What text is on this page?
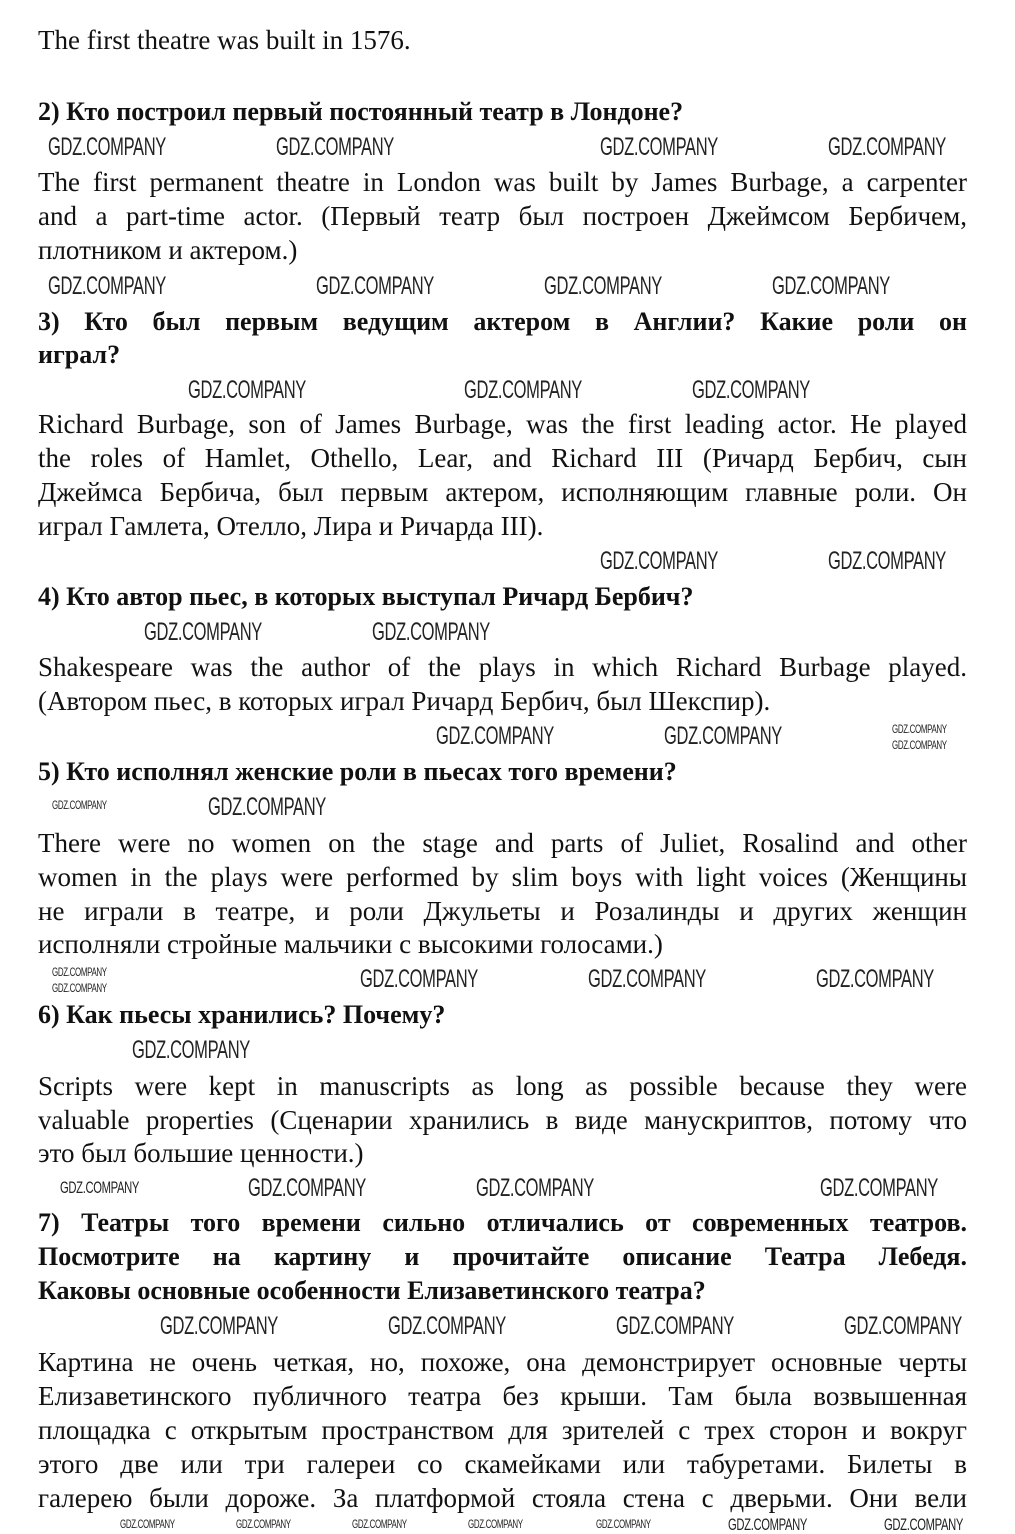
The first theatre was built in 1576.
2) Кто построил первый постоянный театр в Лондоне?
The first permanent theatre in London was built by James Burbage, a carpenter
and a part-time actor. (Первый театр был построен Джеймсом Бербичем,
плотником и актером.)
3) Кто был первым ведущим актером в Англии? Какие роли он
играл?
Richard Burbage, son of James Burbage, was the first leading actor. He played
the roles of Hamlet, Othello, Lear, and Richard III (Ричард Бербич, сын
Джеймса Бербича, был первым актером, исполняющим главные роли. Он
играл Гамлета, Отелло, Лира и Ричарда III).
4) Кто автор пьес, в которых выступал Ричард Бербич?
Shakespeare was the author of the plays in which Richard Burbage played.
(Автором пьес, в которых играл Ричард Бербич, был Шекспир).
5) Кто исполнял женские роли в пьесах того времени?
There were no women on the stage and parts of Juliet, Rosalind and other
women in the plays were performed by slim boys with light voices (Женщины
не играли в театре, и роли Джульеты и Розалинды и других женщин
исполняли стройные мальчики с высокими голосами.)
6) Как пьесы хранились? Почему?
Scripts were kept in manuscripts as long as possible because they were
valuable properties (Сценарии хранились в виде манускриптов, потому что
это был большие ценности.)
7) Театры того времени сильно отличались от современных театров.
Посмотрите на картину и прочитайте описание Театра Лебедя.
Каковы основные особенности Елизаветинского театра?
Картина не очень четкая, но, похоже, она демонстрирует основные черты
Елизаветинского публичного театра без крыши. Там была возвышенная
площадка с открытым пространством для зрителей с трех сторон и вокруг
этого две или три галереи со скамейками или табуретами. Билеты в
галерею были дороже. За платформой стояла стена с дверьми. Они вели
GDZ.COMPANY	GDZ.COMPANY	GDZ.COMPANY	GDZ.COMPANY
GDZ.COMPANY	GDZ.COMPANY	GDZ.COMPANY	GDZ.COMPANY
GDZ.COMPANY	GDZ.COMPANY	GDZ.COMPANY
GDZ.COMPANY
GDZ.COMPANY
GDZ.COMPANY
GDZ.COMPANY
GDZ.COMPANY
GDZ.COMPANY
GDZ.COMPANY
GDZ.COMPANY
GDZ.COMPANY	GDZ.COMPANY
GDZ.COMPANY
GDZ.COMPANY	GDZ.COMPANY
GDZ.COMPANY
GDZ.COMPANY
GDZ.COMPANY
GDZ.COMPANY	GDZ.COMPANY
GDZ.COMPANY
GDZ.COMPANY
GDZ.COMPANY
GDZ.COMPANY
GDZ.COMPANY
GDZ.COMPANY
GDZ.COMPANY
GDZ.COMPANY
GDZ.COMPANY	GDZ.COMPANY	GDZ.COMPANY	GDZ.COMPANY	GDZ.COMPANY
